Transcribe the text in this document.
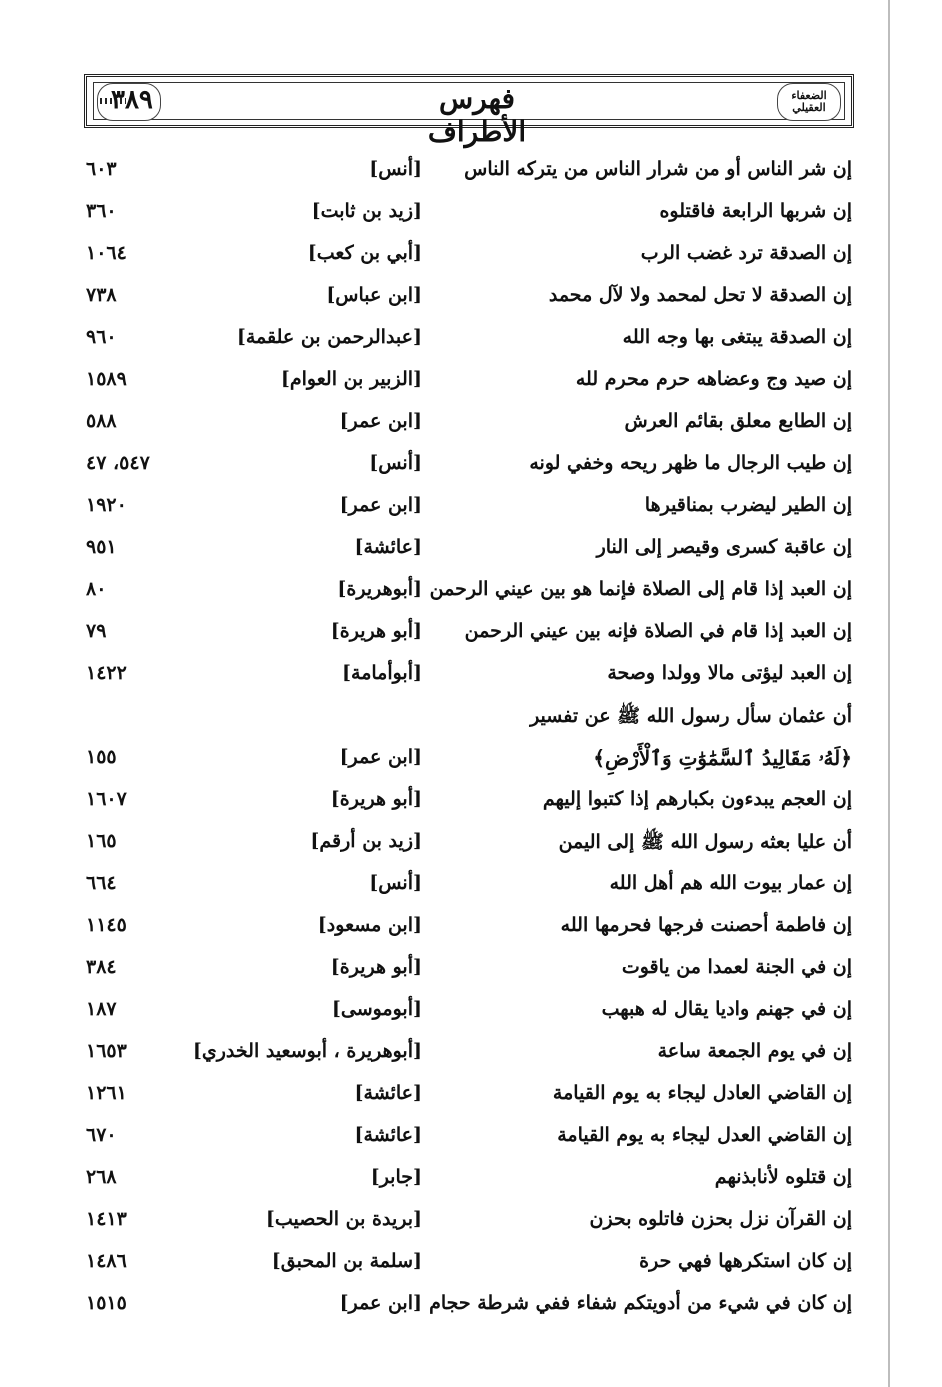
٣٨٩	فهرس الأطراف
الضعفاء
العقيلي
إن شر الناس أو من شرار الناس من يتركه الناس
[أنس]
٦٠٣
إن شربها الرابعة فاقتلوه
[زيد بن ثابت]
٣٦٠
إن الصدقة ترد غضب الرب
[أبي بن كعب]
١٠٦٤
إن الصدقة لا تحل لمحمد ولا لآل محمد
[ابن عباس]
٧٣٨
إن الصدقة يبتغى بها وجه الله
[عبدالرحمن بن علقمة]
٩٦٠
إن صيد وج وعضاهه حرم محرم لله
[الزبير بن العوام]
١٥٨٩
إن الطابع معلق بقائم العرش
[ابن عمر]
٥٨٨
إن طيب الرجال ما ظهر ريحه وخفي لونه
[أنس]
٥٤٧، ٤٧
إن الطير ليضرب بمناقيرها
[ابن عمر]
١٩٢٠
إن عاقبة كسرى وقيصر إلى النار
[عائشة]
٩٥١
إن العبد إذا قام إلى الصلاة فإنما هو بين عيني الرحمن
[أبوهريرة]
٨٠
إن العبد إذا قام في الصلاة فإنه بين عيني الرحمن
[أبو هريرة]
٧٩
إن العبد ليؤتى مالا وولدا وصحة
[أبوأمامة]
١٤٢٢
أن عثمان سأل رسول الله ﷺ عن تفسير
﴿لَهُۥ مَقَالِيدُ ٱلسَّمَٰوَٰتِ وَٱلْأَرْضِ﴾
[ابن عمر]
١٥٥
إن العجم يبدءون بكبارهم إذا كتبوا إليهم
[أبو هريرة]
١٦٠٧
أن عليا بعثه رسول الله ﷺ إلى اليمن
[زيد بن أرقم]
١٦٥
إن عمار بيوت الله هم أهل الله
[أنس]
٦٦٤
إن فاطمة أحصنت فرجها فحرمها الله
[ابن مسعود]
١١٤٥
إن في الجنة لعمدا من ياقوت
[أبو هريرة]
٣٨٤
إن في جهنم واديا يقال له هبهب
[أبوموسى]
١٨٧
إن في يوم الجمعة ساعة
[أبوهريرة ، أبوسعيد الخدري]
١٦٥٣
إن القاضي العادل ليجاء به يوم القيامة
[عائشة]
١٢٦١
إن القاضي العدل ليجاء به يوم القيامة
[عائشة]
٦٧٠
إن قتلوه لأنابذنهم
[جابر]
٢٦٨
إن القرآن نزل بحزن فاتلوه بحزن
[بريدة بن الحصيب]
١٤١٣
إن كان استكرهها فهي حرة
[سلمة بن المحبق]
١٤٨٦
إن كان في شيء من أدويتكم شفاء ففي شرطة حجام
[ابن عمر]
١٥١٥
